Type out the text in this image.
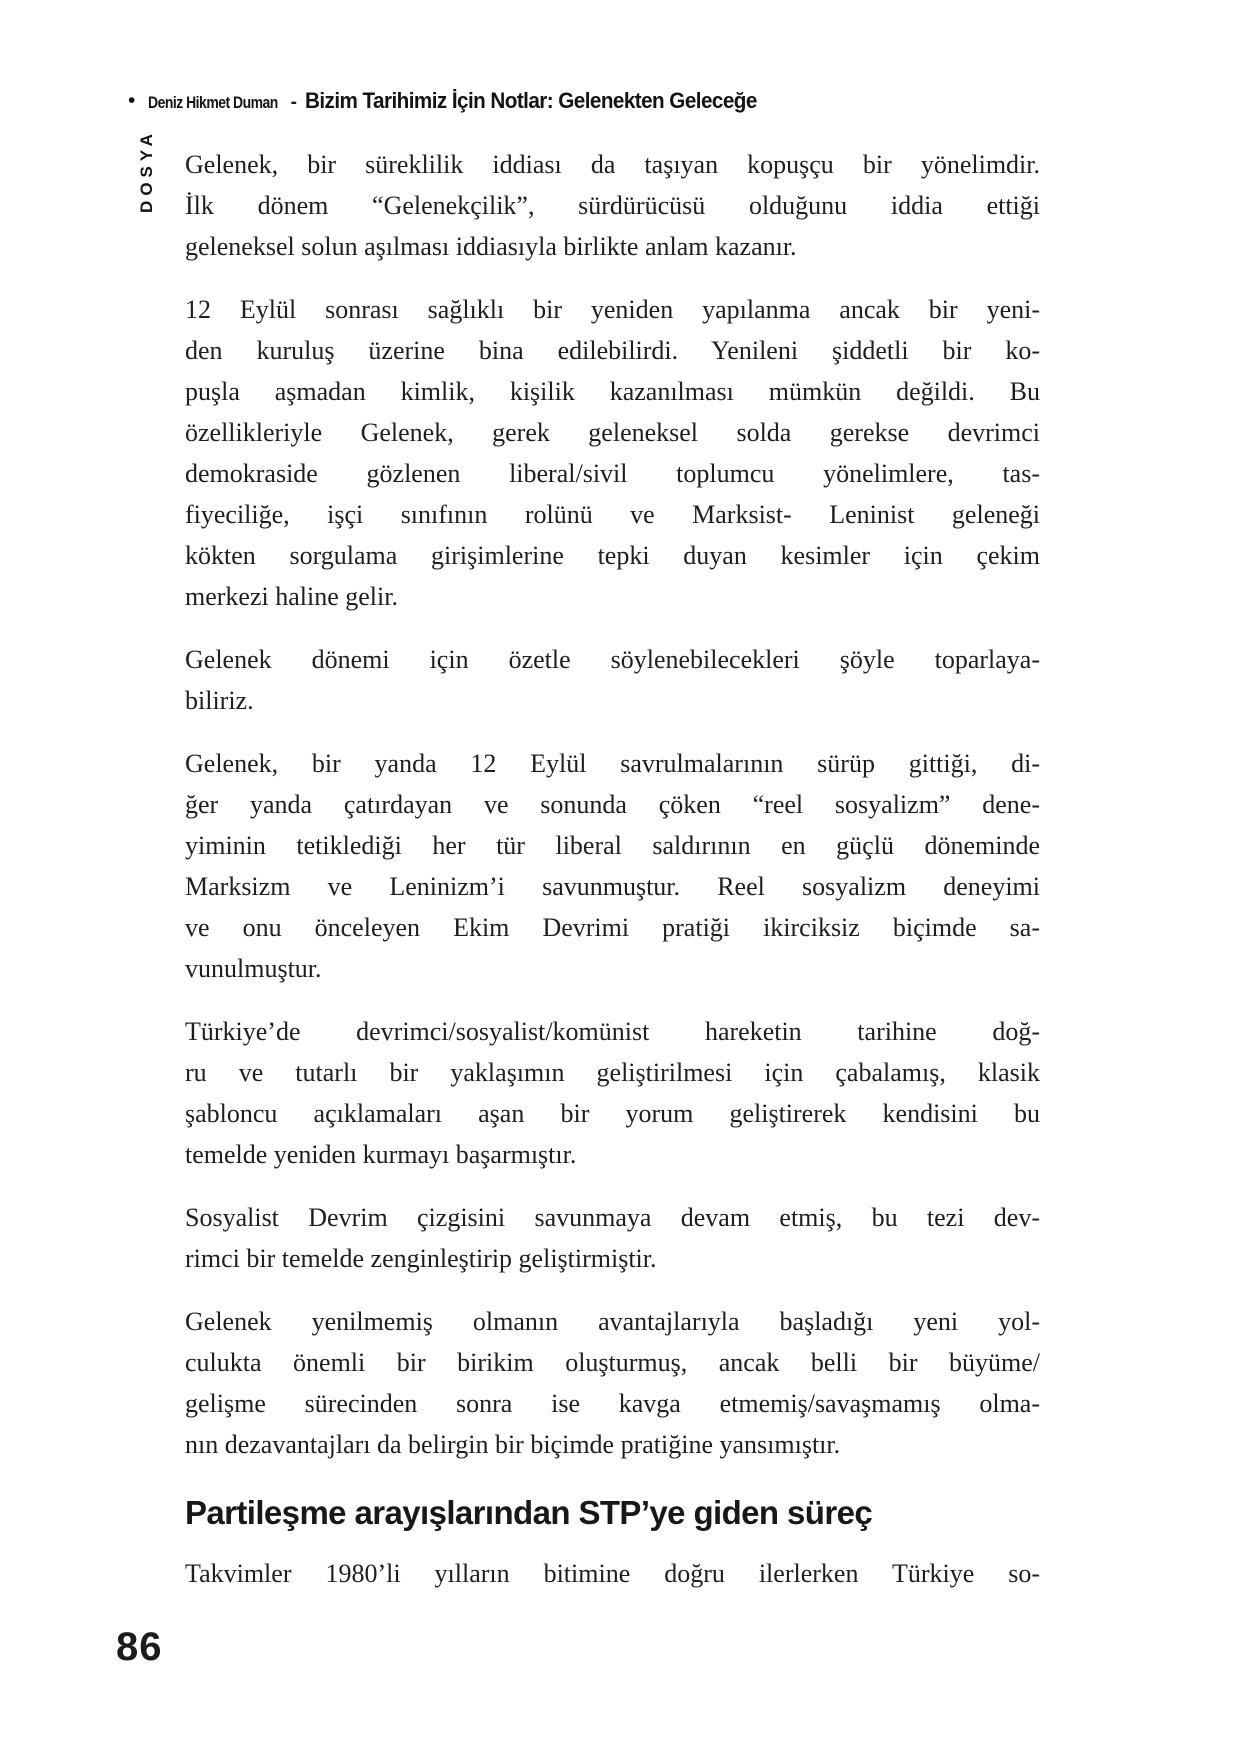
• Deniz Hikmet Duman - Bizim Tarihimiz İçin Notlar: Gelenekten Geleceğe
DOSYA Gelenek, bir süreklilik iddiası da taşıyan kopuşçu bir yönelimdir.
İlk dönem “Gelenekçilik”, sürdürücüsü olduğunu iddia ettiği
geleneksel solun aşılması iddiasıyla birlikte anlam kazanır.
12 Eylül sonrası sağlıklı bir yeniden yapılanma ancak bir yeni-
den kuruluş üzerine bina edilebilirdi. Yenileni şiddetli bir ko-
puşla aşmadan kimlik, kişilik kazanılması mümkün değildi. Bu
özellikleriyle Gelenek, gerek geleneksel solda gerekse devrimci
demokraside gözlenen liberal/sivil toplumcu yönelimlere, tas-
fiyeciliğe, işçi sınıfının rolünü ve Marksist- Leninist geleneği
kökten sorgulama girişimlerine tepki duyan kesimler için çekim
merkezi haline gelir.
Gelenek dönemi için özetle söylenebilecekleri şöyle toparlaya-
biliriz.
Gelenek, bir yanda 12 Eylül savrulmalarının sürüp gittiği, di-
ğer yanda çatırdayan ve sonunda çöken “reel sosyalizm” dene-
yiminin tetiklediği her tür liberal saldırının en güçlü döneminde
Marksizm ve Leninizm’i savunmuştur. Reel sosyalizm deneyimi
ve onu önceleyen Ekim Devrimi pratiği ikirciksiz biçimde sa-
vunulmuştur.
Türkiye’de devrimci/sosyalist/komünist hareketin tarihine doğ-
ru ve tutarlı bir yaklaşımın geliştirilmesi için çabalamış, klasik
şabloncu açıklamaları aşan bir yorum geliştirerek kendisini bu
temelde yeniden kurmayı başarmıştır.
Sosyalist Devrim çizgisini savunmaya devam etmiş, bu tezi dev-
rimci bir temelde zenginleştirip geliştirmiştir.
Gelenek yenilmemiş olmanın avantajlarıyla başladığı yeni yol-
culukta önemli bir birikim oluşturmuş, ancak belli bir büyüme/
gelişme sürecinden sonra ise kavga etmemiş/savaşmamış olma-
nın dezavantajları da belirgin bir biçimde pratiğine yansımıştır.
Partileşme arayışlarından STP’ye giden süreç
Takvimler 1980’li yılların bitimine doğru ilerlerken Türkiye so-
86
